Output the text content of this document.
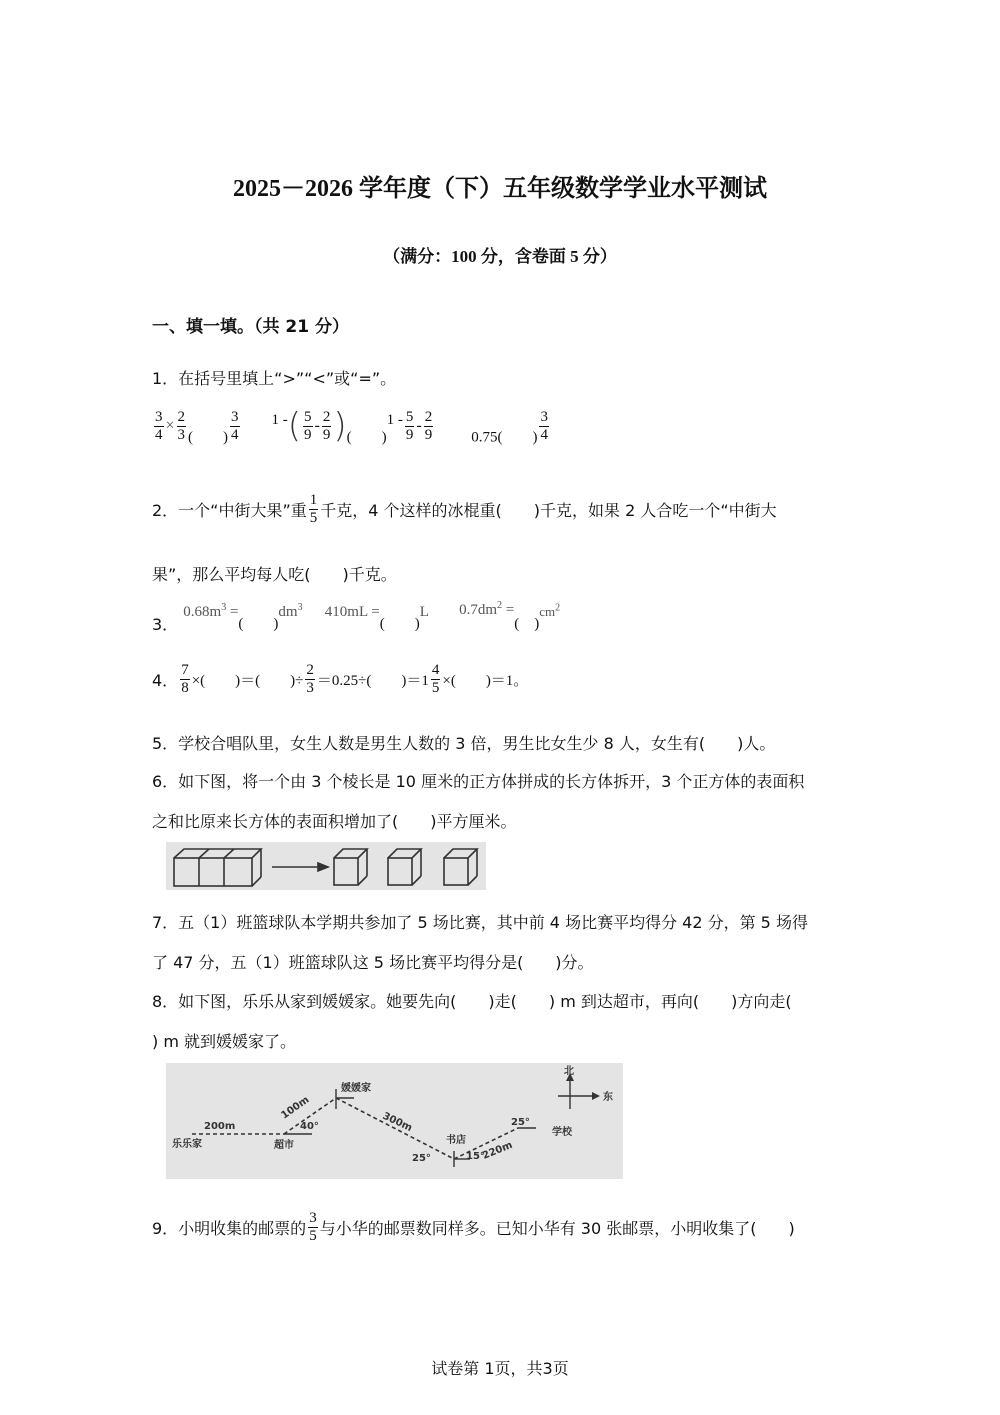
2025－2026 学年度（下）五年级数学学业水平测试
（满分：100 分，含卷面 5 分）
一、填一填。（共 21 分）
1．在括号里填上“>”“<”或“=”。
$\frac{3}{4} \times \frac{2}{3}$ (　　) $\frac{3}{4} 1$ -( $\frac{5}{9} - \frac{2}{9}$ )(　　)$1 - \frac{5}{9} - \frac{2}{9}$	0.75(　　) $\frac{3}{4}$
2．一个“中街大果”重 $\frac{1}{5}$ 千克，4 个这样的冰棍重(　　)千克，如果 2 人合吃一个“中街大
果”，那么平均每人吃(　　)千克。
3． $0.68m^3$ =(　　)$dm^3$ 410mL =(　　)L $0.7dm^2$ =(　)$^{cm^2}$
4． $\frac{7}{8}$ ×(　　)＝(　　)÷ $\frac{2}{3} =0.25\div$(　　)$=1 \frac{4}{5}$ ×(　　)＝1。
5．学校合唱队里，女生人数是男生人数的 3 倍，男生比女生少 8 人，女生有(　　)人。
6．如下图，将一个由 3 个棱长是 10 厘米的正方体拼成的长方体拆开，3 个正方体的表面积
之和比原来长方体的表面积增加了(　　)平方厘米。
7．五（1）班篮球队本学期共参加了 5 场比赛，其中前 4 场比赛平均得分 42 分，第 5 场得
了 47 分，五（1）班篮球队这 5 场比赛平均得分是(　　)分。
8．如下图，乐乐从家到媛媛家。她要先向(　　)走(　　) m 到达超市，再向(　　)方向走(
) m 就到媛媛家了。
北
东
乐乐家	超市
媛媛家
书店
学校
200m
100m
300m
220m
40°
25°	15°
25°
9．小明收集的邮票的 $\frac{3}{5}$ 与小华的邮票数同样多。已知小华有 30 张邮票，小明收集了(　　)
试卷第 1页，共3页
